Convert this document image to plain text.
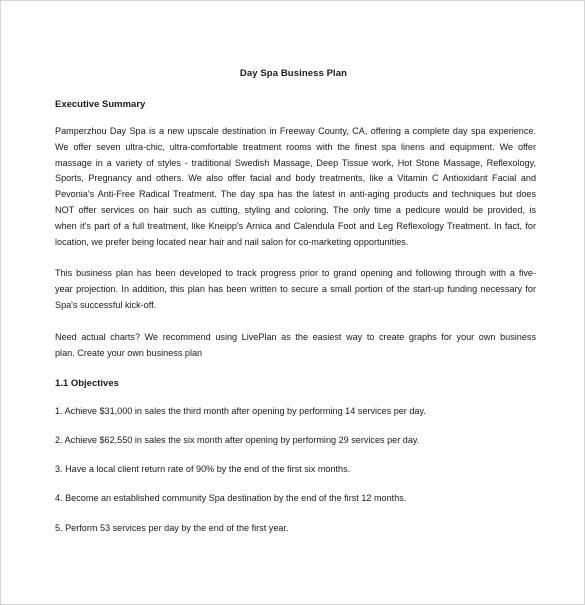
Day Spa Business Plan
Executive Summary
Pamperzhou Day Spa is a new upscale destination in Freeway County, CA, offering a complete day spa experience.
We offer seven ultra-chic, ultra-comfortable treatment rooms with the finest spa linens and equipment. We offer
massage in a variety of styles - traditional Swedish Massage, Deep Tissue work, Hot Stone Massage, Reflexology,
Sports, Pregnancy and others. We also offer facial and body treatments, like a Vitamin C Antioxidant Facial and
Pevonia's Anti-Free Radical Treatment. The day spa has the latest in anti-aging products and techniques but does
NOT offer services on hair such as cutting, styling and coloring. The only time a pedicure would be provided, is
when it's part of a full treatment, like Kneipp's Arnica and Calendula Foot and Leg Reflexology Treatment. In fact, for
location, we prefer being located near hair and nail salon for co-marketing opportunities.
This business plan has been developed to track progress prior to grand opening and following through with a five-
year projection. In addition, this plan has been written to secure a small portion of the start-up funding necessary for
Spa's successful kick-off.
Need actual charts? We recommend using LivePlan as the easiest way to create graphs for your own business
plan. Create your own business plan
1.1 Objectives
1. Achieve $31,000 in sales the third month after opening by performing 14 services per day.
2. Achieve $62,550 in sales the six month after opening by performing 29 services per day.
3. Have a local client return rate of 90% by the end of the first six months.
4. Become an established community Spa destination by the end of the first 12 months.
5. Perform 53 services per day by the end of the first year.
